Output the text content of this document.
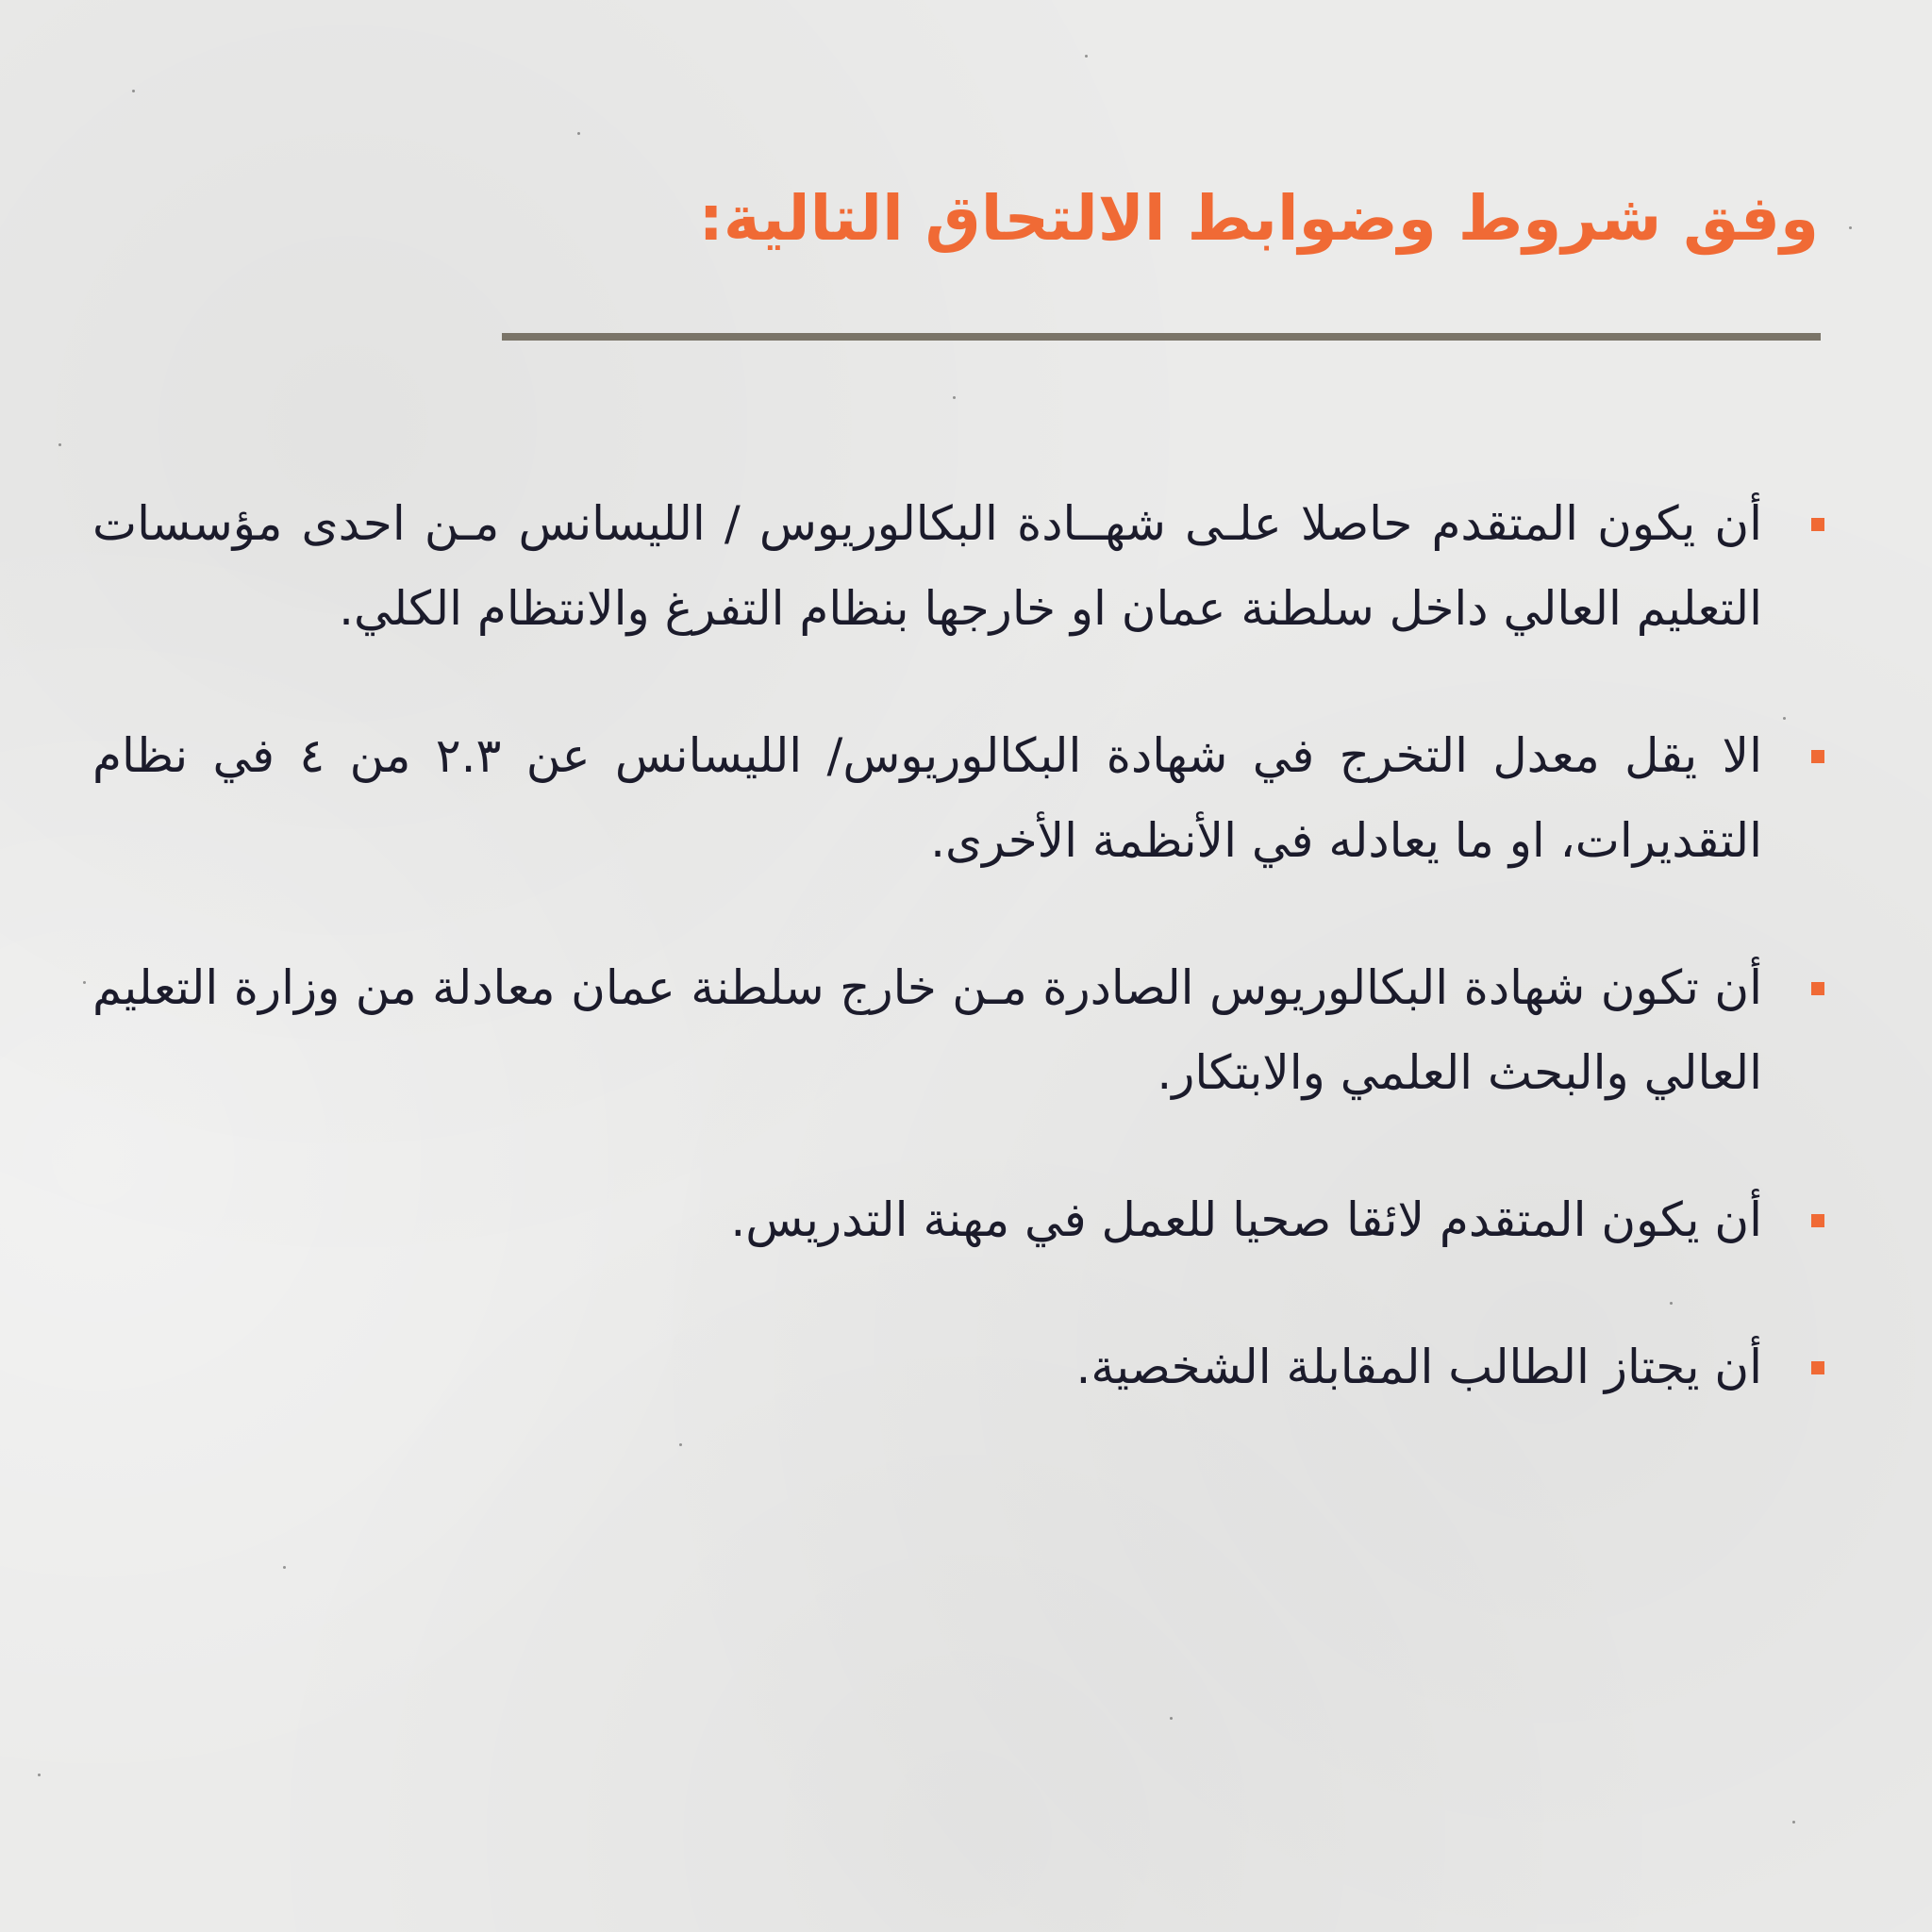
وفق شروط وضوابط الالتحاق التالية:
أن يكون المتقدم حاصلا علـى شهــادة البكالوريوس / الليسانس مـن احدى مؤسسات التعليم العالي داخل سلطنة عمان او خارجها بنظام التفرغ والانتظام الكلي.
الا يقل معدل التخرج في شهادة البكالوريوس/ الليسانس عن ٢.٣ من ٤ في نظام التقديرات، او ما يعادله في الأنظمة الأخرى.
أن تكون شهادة البكالوريوس الصادرة مـن خارج سلطنة عمان معادلة من وزارة التعليم العالي والبحث العلمي والابتكار.
أن يكون المتقدم لائقا صحيا للعمل في مهنة التدريس.
أن يجتاز الطالب المقابلة الشخصية.
